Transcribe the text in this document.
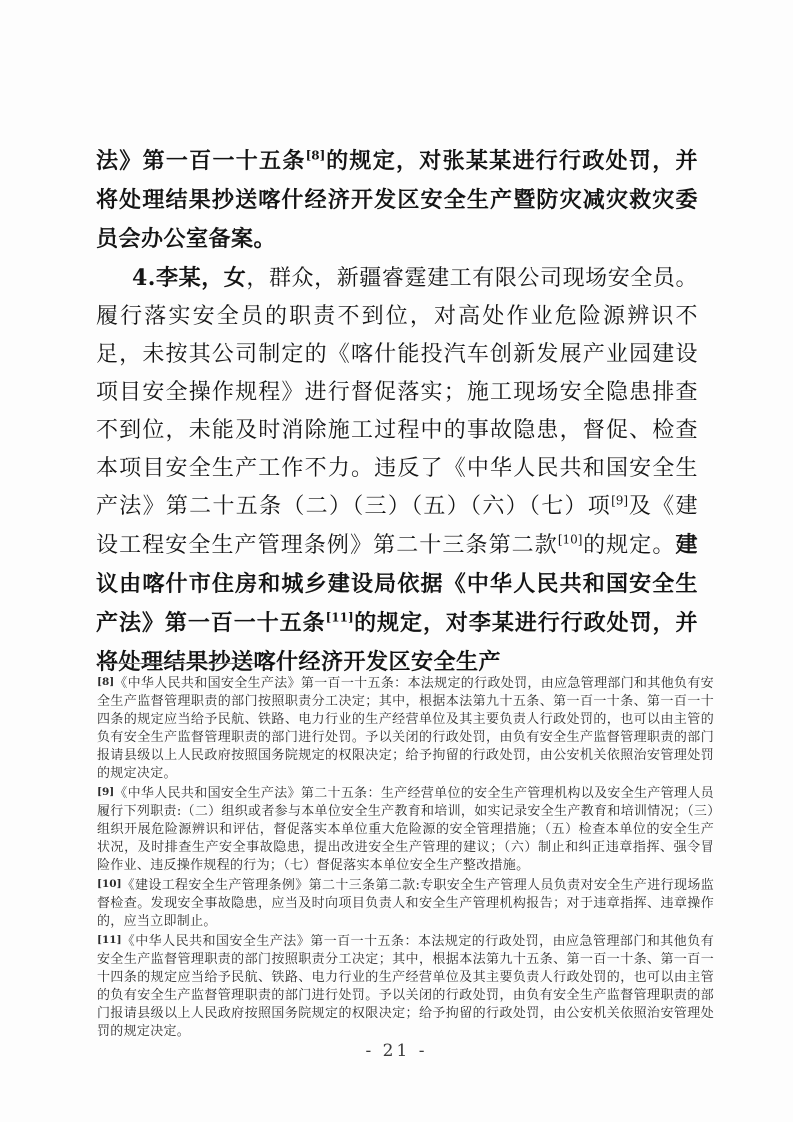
法》第一百一十五条[8]的规定，对张某某进行行政处罚，并将处理结果抄送喀什经济开发区安全生产暨防灾减灾救灾委员会办公室备案。

4.李某，女，群众，新疆睿霆建工有限公司现场安全员。履行落实安全员的职责不到位，对高处作业危险源辨识不足，未按其公司制定的《喀什能投汽车创新发展产业园建设项目安全操作规程》进行督促落实；施工现场安全隐患排查不到位，未能及时消除施工过程中的事故隐患，督促、检查本项目安全生产工作不力。违反了《中华人民共和国安全生产法》第二十五条（二）（三）（五）（六）（七）项[9]及《建设工程安全生产管理条例》第二十三条第二款[10]的规定。建议由喀什市住房和城乡建设局依据《中华人民共和国安全生产法》第一百一十五条[11]的规定，对李某进行行政处罚，并将处理结果抄送喀什经济开发区安全生产

[8]《中华人民共和国安全生产法》第一百一十五条：本法规定的行政处罚，由应急管理部门和其他负有安全生产监督管理职责的部门按照职责分工决定；其中，根据本法第九十五条、第一百一十条、第一百一十四条的规定应当给予民航、铁路、电力行业的生产经营单位及其主要负责人行政处罚的，也可以由主管的负有安全生产监督管理职责的部门进行处罚。予以关闭的行政处罚，由负有安全生产监督管理职责的部门报请县级以上人民政府按照国务院规定的权限决定；给予拘留的行政处罚，由公安机关依照治安管理处罚的规定决定。
[9]《中华人民共和国安全生产法》第二十五条：生产经营单位的安全生产管理机构以及安全生产管理人员履行下列职责:（二）组织或者参与本单位安全生产教育和培训，如实记录安全生产教育和培训情况；（三）组织开展危险源辨识和评估，督促落实本单位重大危险源的安全管理措施；（五）检查本单位的安全生产状况，及时排查生产安全事故隐患，提出改进安全生产管理的建议；（六）制止和纠正违章指挥、强令冒险作业、违反操作规程的行为；（七）督促落实本单位安全生产整改措施。
[10]《建设工程安全生产管理条例》第二十三条第二款:专职安全生产管理人员负责对安全生产进行现场监督检查。发现安全事故隐患，应当及时向项目负责人和安全生产管理机构报告；对于违章指挥、违章操作的，应当立即制止。
[11]《中华人民共和国安全生产法》第一百一十五条：本法规定的行政处罚，由应急管理部门和其他负有安全生产监督管理职责的部门按照职责分工决定；其中，根据本法第九十五条、第一百一十条、第一百一十四条的规定应当给予民航、铁路、电力行业的生产经营单位及其主要负责人行政处罚的，也可以由主管的负有安全生产监督管理职责的部门进行处罚。予以关闭的行政处罚，由负有安全生产监督管理职责的部门报请县级以上人民政府按照国务院规定的权限决定；给予拘留的行政处罚，由公安机关依照治安管理处罚的规定决定。
- 21 -
